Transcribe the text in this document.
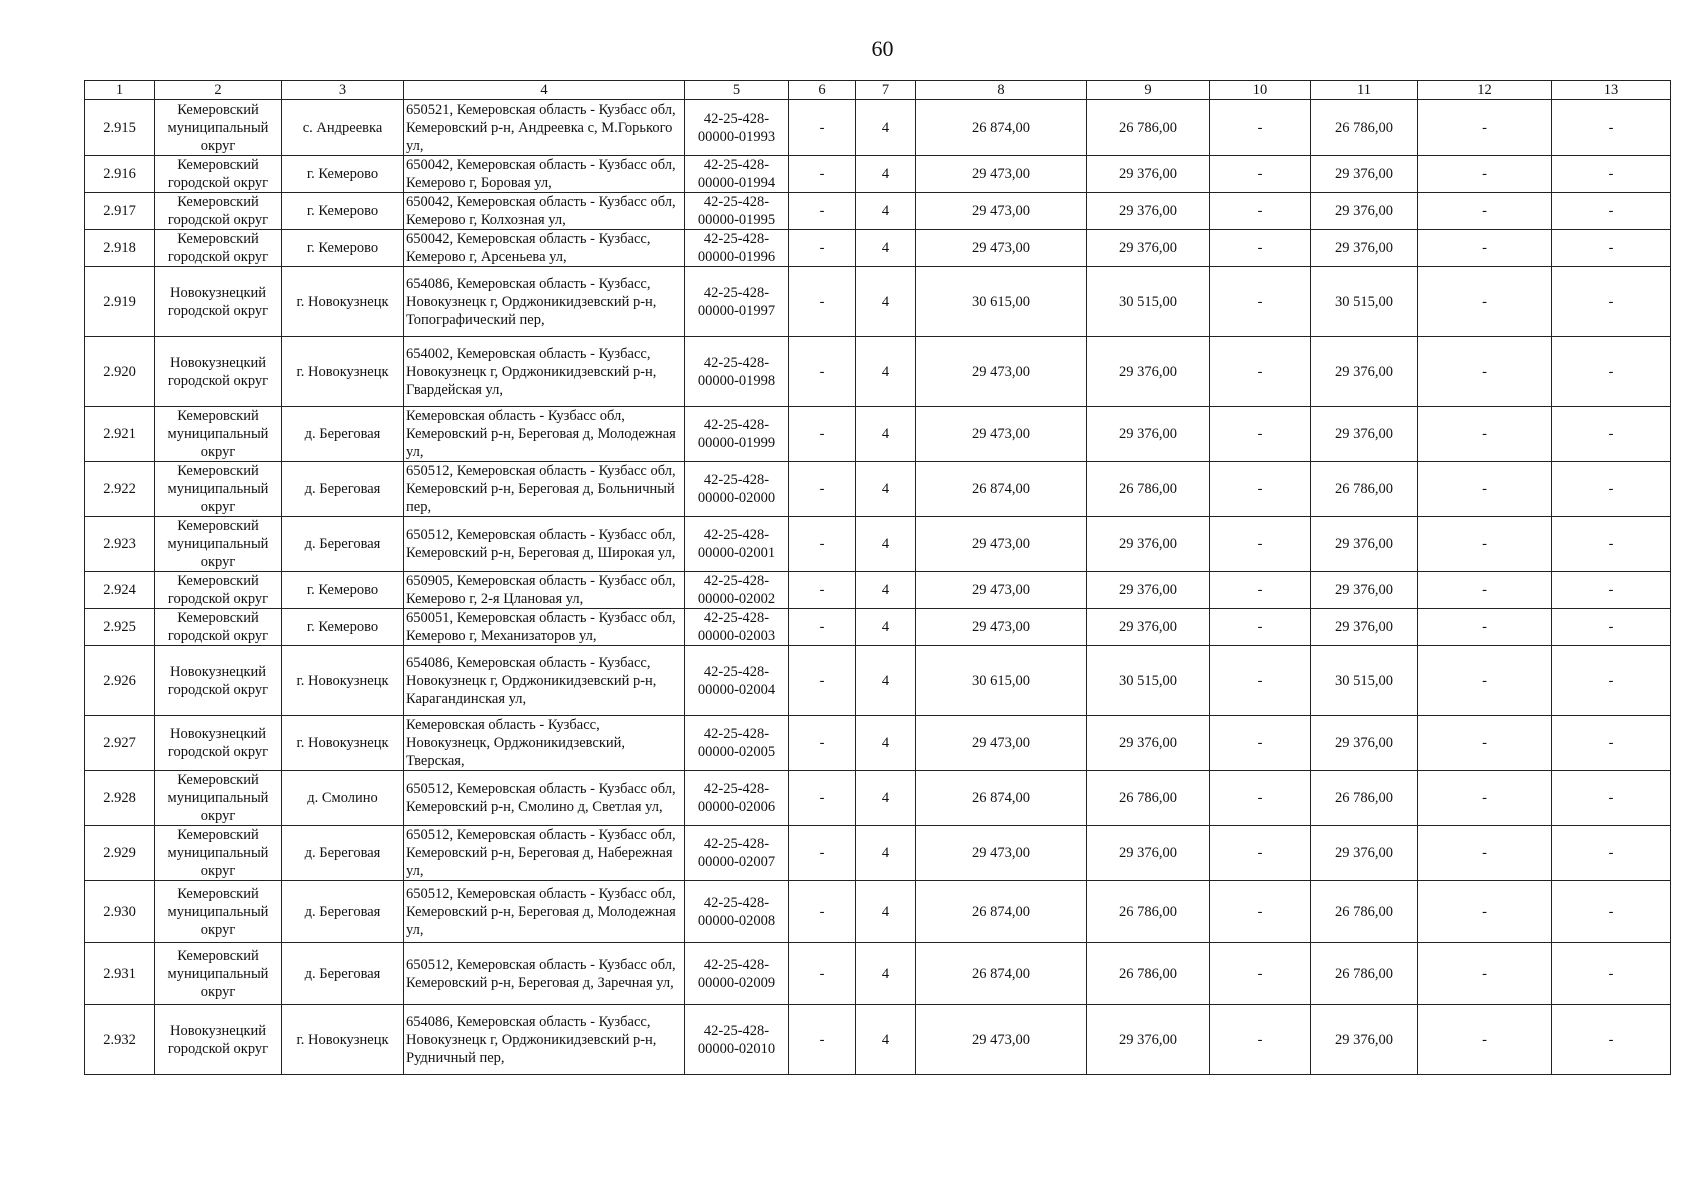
60
1	2	3	4	5	6	7	8	9	10	11	12	13
2.915	Кемеровский муниципальный округ	с. Андреевка	650521, Кемеровская область - Кузбасс обл, Кемеровский р-н, Андреевка с, М.Горького ул,	42-25-428-00000-01993	-	4	26 874,00	26 786,00	-	26 786,00	-	-
2.916	Кемеровский городской округ	г. Кемерово	650042, Кемеровская область - Кузбасс обл, Кемерово г, Боровая ул,	42-25-428-00000-01994	-	4	29 473,00	29 376,00	-	29 376,00	-	-
2.917	Кемеровский городской округ	г. Кемерово	650042, Кемеровская область - Кузбасс обл, Кемерово г, Колхозная ул,	42-25-428-00000-01995	-	4	29 473,00	29 376,00	-	29 376,00	-	-
2.918	Кемеровский городской округ	г. Кемерово	650042, Кемеровская область - Кузбасс, Кемерово г, Арсеньева ул,	42-25-428-00000-01996	-	4	29 473,00	29 376,00	-	29 376,00	-	-
2.919	Новокузнецкий городской округ	г. Новокузнецк	654086, Кемеровская область - Кузбасс, Новокузнецк г, Орджоникидзевский р-н, Топографический пер,	42-25-428-00000-01997	-	4	30 615,00	30 515,00	-	30 515,00	-	-
2.920	Новокузнецкий городской округ	г. Новокузнецк	654002, Кемеровская область - Кузбасс, Новокузнецк г, Орджоникидзевский р-н, Гвардейская ул,	42-25-428-00000-01998	-	4	29 473,00	29 376,00	-	29 376,00	-	-
2.921	Кемеровский муниципальный округ	д. Береговая	Кемеровская область - Кузбасс обл, Кемеровский р-н, Береговая д, Молодежная ул,	42-25-428-00000-01999	-	4	29 473,00	29 376,00	-	29 376,00	-	-
2.922	Кемеровский муниципальный округ	д. Береговая	650512, Кемеровская область - Кузбасс обл, Кемеровский р-н, Береговая д, Больничный пер,	42-25-428-00000-02000	-	4	26 874,00	26 786,00	-	26 786,00	-	-
2.923	Кемеровский муниципальный округ	д. Береговая	650512, Кемеровская область - Кузбасс обл, Кемеровский р-н, Береговая д, Широкая ул,	42-25-428-00000-02001	-	4	29 473,00	29 376,00	-	29 376,00	-	-
2.924	Кемеровский городской округ	г. Кемерово	650905, Кемеровская область - Кузбасс обл, Кемерово г, 2-я Цлановая ул,	42-25-428-00000-02002	-	4	29 473,00	29 376,00	-	29 376,00	-	-
2.925	Кемеровский городской округ	г. Кемерово	650051, Кемеровская область - Кузбасс обл, Кемерово г, Механизаторов ул,	42-25-428-00000-02003	-	4	29 473,00	29 376,00	-	29 376,00	-	-
2.926	Новокузнецкий городской округ	г. Новокузнецк	654086, Кемеровская область - Кузбасс, Новокузнецк г, Орджоникидзевский р-н, Карагандинская ул,	42-25-428-00000-02004	-	4	30 615,00	30 515,00	-	30 515,00	-	-
2.927	Новокузнецкий городской округ	г. Новокузнецк	Кемеровская область - Кузбасс, Новокузнецк, Орджоникидзевский, Тверская,	42-25-428-00000-02005	-	4	29 473,00	29 376,00	-	29 376,00	-	-
2.928	Кемеровский муниципальный округ	д. Смолино	650512, Кемеровская область - Кузбасс обл, Кемеровский р-н, Смолино д, Светлая ул,	42-25-428-00000-02006	-	4	26 874,00	26 786,00	-	26 786,00	-	-
2.929	Кемеровский муниципальный округ	д. Береговая	650512, Кемеровская область - Кузбасс обл, Кемеровский р-н, Береговая д, Набережная ул,	42-25-428-00000-02007	-	4	29 473,00	29 376,00	-	29 376,00	-	-
2.930	Кемеровский муниципальный округ	д. Береговая	650512, Кемеровская область - Кузбасс обл, Кемеровский р-н, Береговая д, Молодежная ул,	42-25-428-00000-02008	-	4	26 874,00	26 786,00	-	26 786,00	-	-
2.931	Кемеровский муниципальный округ	д. Береговая	650512, Кемеровская область - Кузбасс обл, Кемеровский р-н, Береговая д, Заречная ул,	42-25-428-00000-02009	-	4	26 874,00	26 786,00	-	26 786,00	-	-
2.932	Новокузнецкий городской округ	г. Новокузнецк	654086, Кемеровская область - Кузбасс, Новокузнецк г, Орджоникидзевский р-н, Рудничный пер,	42-25-428-00000-02010	-	4	29 473,00	29 376,00	-	29 376,00	-	-
